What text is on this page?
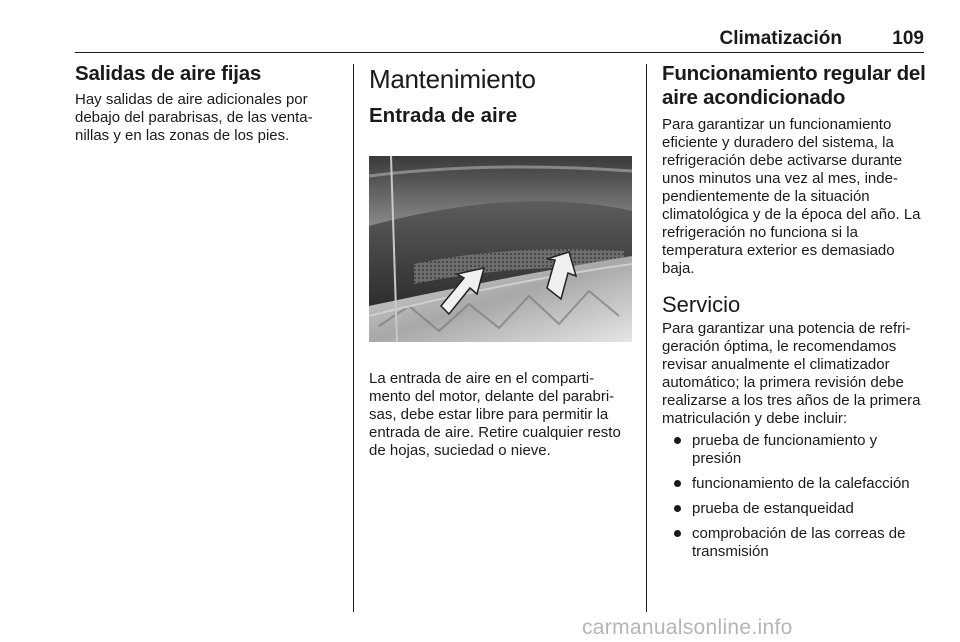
Climatización	109
Salidas de aire fijas

Hay salidas de aire adicionales por debajo del parabrisas, de las venta-nillas y en las zonas de los pies.

Mantenimiento
Entrada de aire

La entrada de aire en el comparti-mento del motor, delante del parabri-sas, debe estar libre para permitir la entrada de aire. Retire cualquier resto de hojas, suciedad o nieve.

Funcionamiento regular del aire acondicionado

Para garantizar un funcionamiento eficiente y duradero del sistema, la refrigeración debe activarse durante unos minutos una vez al mes, inde-pendientemente de la situación climatológica y de la época del año. La refrigeración no funciona si la temperatura exterior es demasiado baja.

Servicio

Para garantizar una potencia de refri-geración óptima, le recomendamos revisar anualmente el climatizador automático; la primera revisión debe realizarse a los tres años de la primera matriculación y debe incluir:

prueba de funcionamiento y presión
funcionamiento de la calefacción
prueba de estanqueidad
comprobación de las correas de transmisión
carmanualsonline.info
